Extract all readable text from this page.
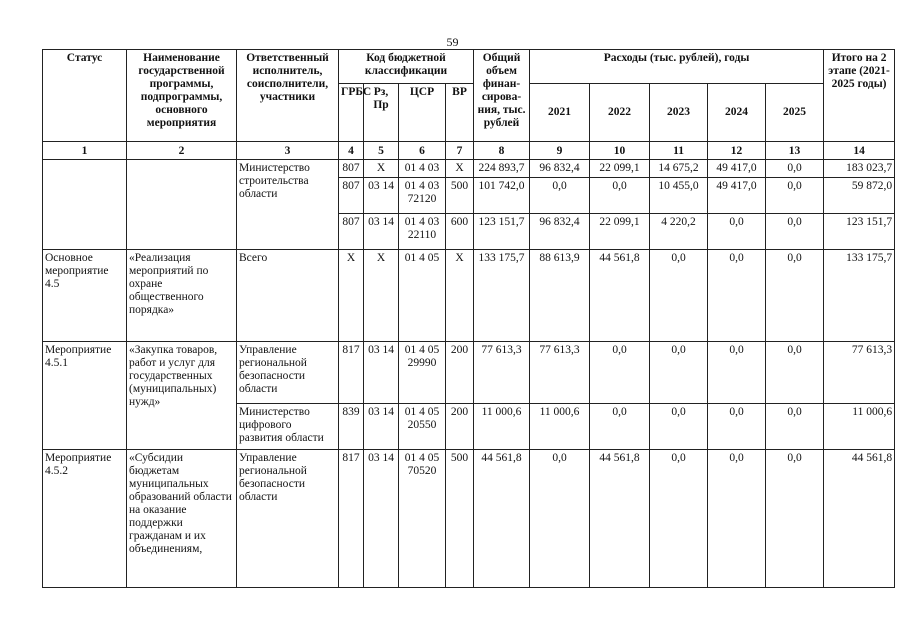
59
Статус	Наименование государственной программы, подпрограммы, основного мероприятия	Ответственный исполнитель, соисполнители, участники	Код бюджетной классификации				Общий объем финан-сирова-ния, тыс. рублей	Расходы (тыс. рублей), годы					Итого на 2 этапе (2021-2025 годы)
			ГРБС	Рз, Пр	ЦСР	ВР		2021	2022	2023	2024	2025	
1	2	3	4	5	6	7	8	9	10	11	12	13	14
		Министерство строительства области	807	Х	01 4 03	Х	224 893,7	96 832,4	22 099,1	14 675,2	49 417,0	0,0	183 023,7
			807	03 14	01 4 03 72120	500	101 742,0	0,0	0,0	10 455,0	49 417,0	0,0	59 872,0
			807	03 14	01 4 03 22110	600	123 151,7	96 832,4	22 099,1	4 220,2	0,0	0,0	123 151,7
Основное мероприятие 4.5	«Реализация мероприятий по охране общественного порядка»	Всего	Х	Х	01 4 05	Х	133 175,7	88 613,9	44 561,8	0,0	0,0	0,0	133 175,7
Мероприятие 4.5.1	«Закупка товаров, работ и услуг для государственных (муниципальных) нужд»	Управление региональной безопасности области	817	03 14	01 4 05 29990	200	77 613,3	77 613,3	0,0	0,0	0,0	0,0	77 613,3
		Министерство цифрового развития области	839	03 14	01 4 05 20550	200	11 000,6	11 000,6	0,0	0,0	0,0	0,0	11 000,6
Мероприятие 4.5.2	«Субсидии бюджетам муниципальных образований области на оказание поддержки гражданам и их объединениям,	Управление региональной безопасности области	817	03 14	01 4 05 70520	500	44 561,8	0,0	44 561,8	0,0	0,0	0,0	44 561,8
